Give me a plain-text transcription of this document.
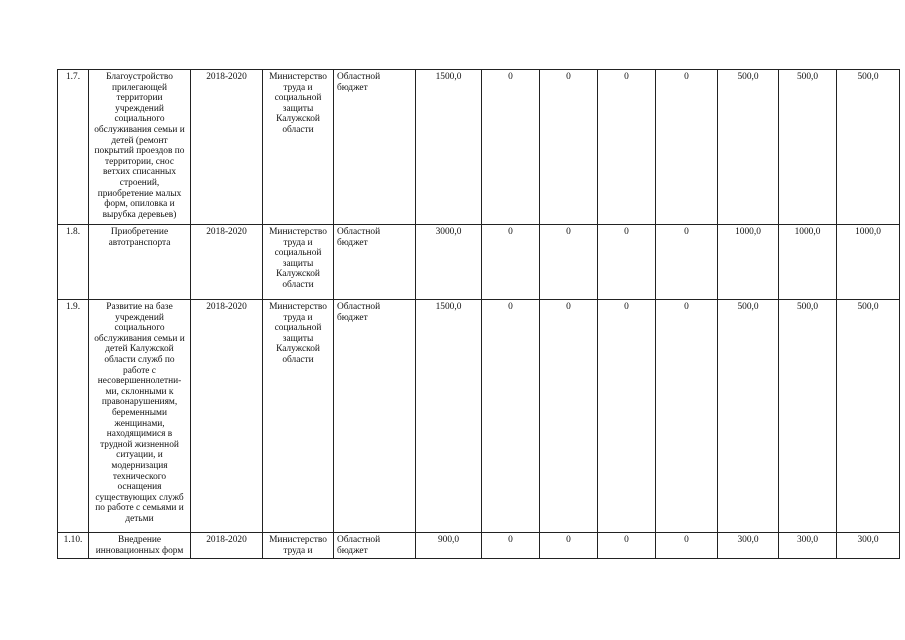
1.7.	Благоустройство прилегающей территории учреждений социального обслуживания семьи и детей (ремонт покрытий проездов по территории, снос ветхих списанных строений, приобретение малых форм, опиловка и вырубка деревьев)	2018-2020	Министерство труда и социальной защиты Калужской области	Областной бюджет	1500,0	0	0	0	0	500,0	500,0	500,0
1.8.	Приобретение автотранспорта	2018-2020	Министерство труда и социальной защиты Калужской области	Областной бюджет	3000,0	0	0	0	0	1000,0	1000,0	1000,0
1.9.	Развитие на базе учреждений социального обслуживания семьи и детей Калужской области служб по работе с несовершеннолетни-ми, склонными к правонарушениям, беременными женщинами, находящимися в трудной жизненной ситуации, и модернизация технического оснащения существующих служб по работе с семьями и детьми	2018-2020	Министерство труда и социальной защиты Калужской области	Областной бюджет	1500,0	0	0	0	0	500,0	500,0	500,0
1.10.	Внедрение инновационных форм	2018-2020	Министерство труда и	Областной бюджет	900,0	0	0	0	0	300,0	300,0	300,0
